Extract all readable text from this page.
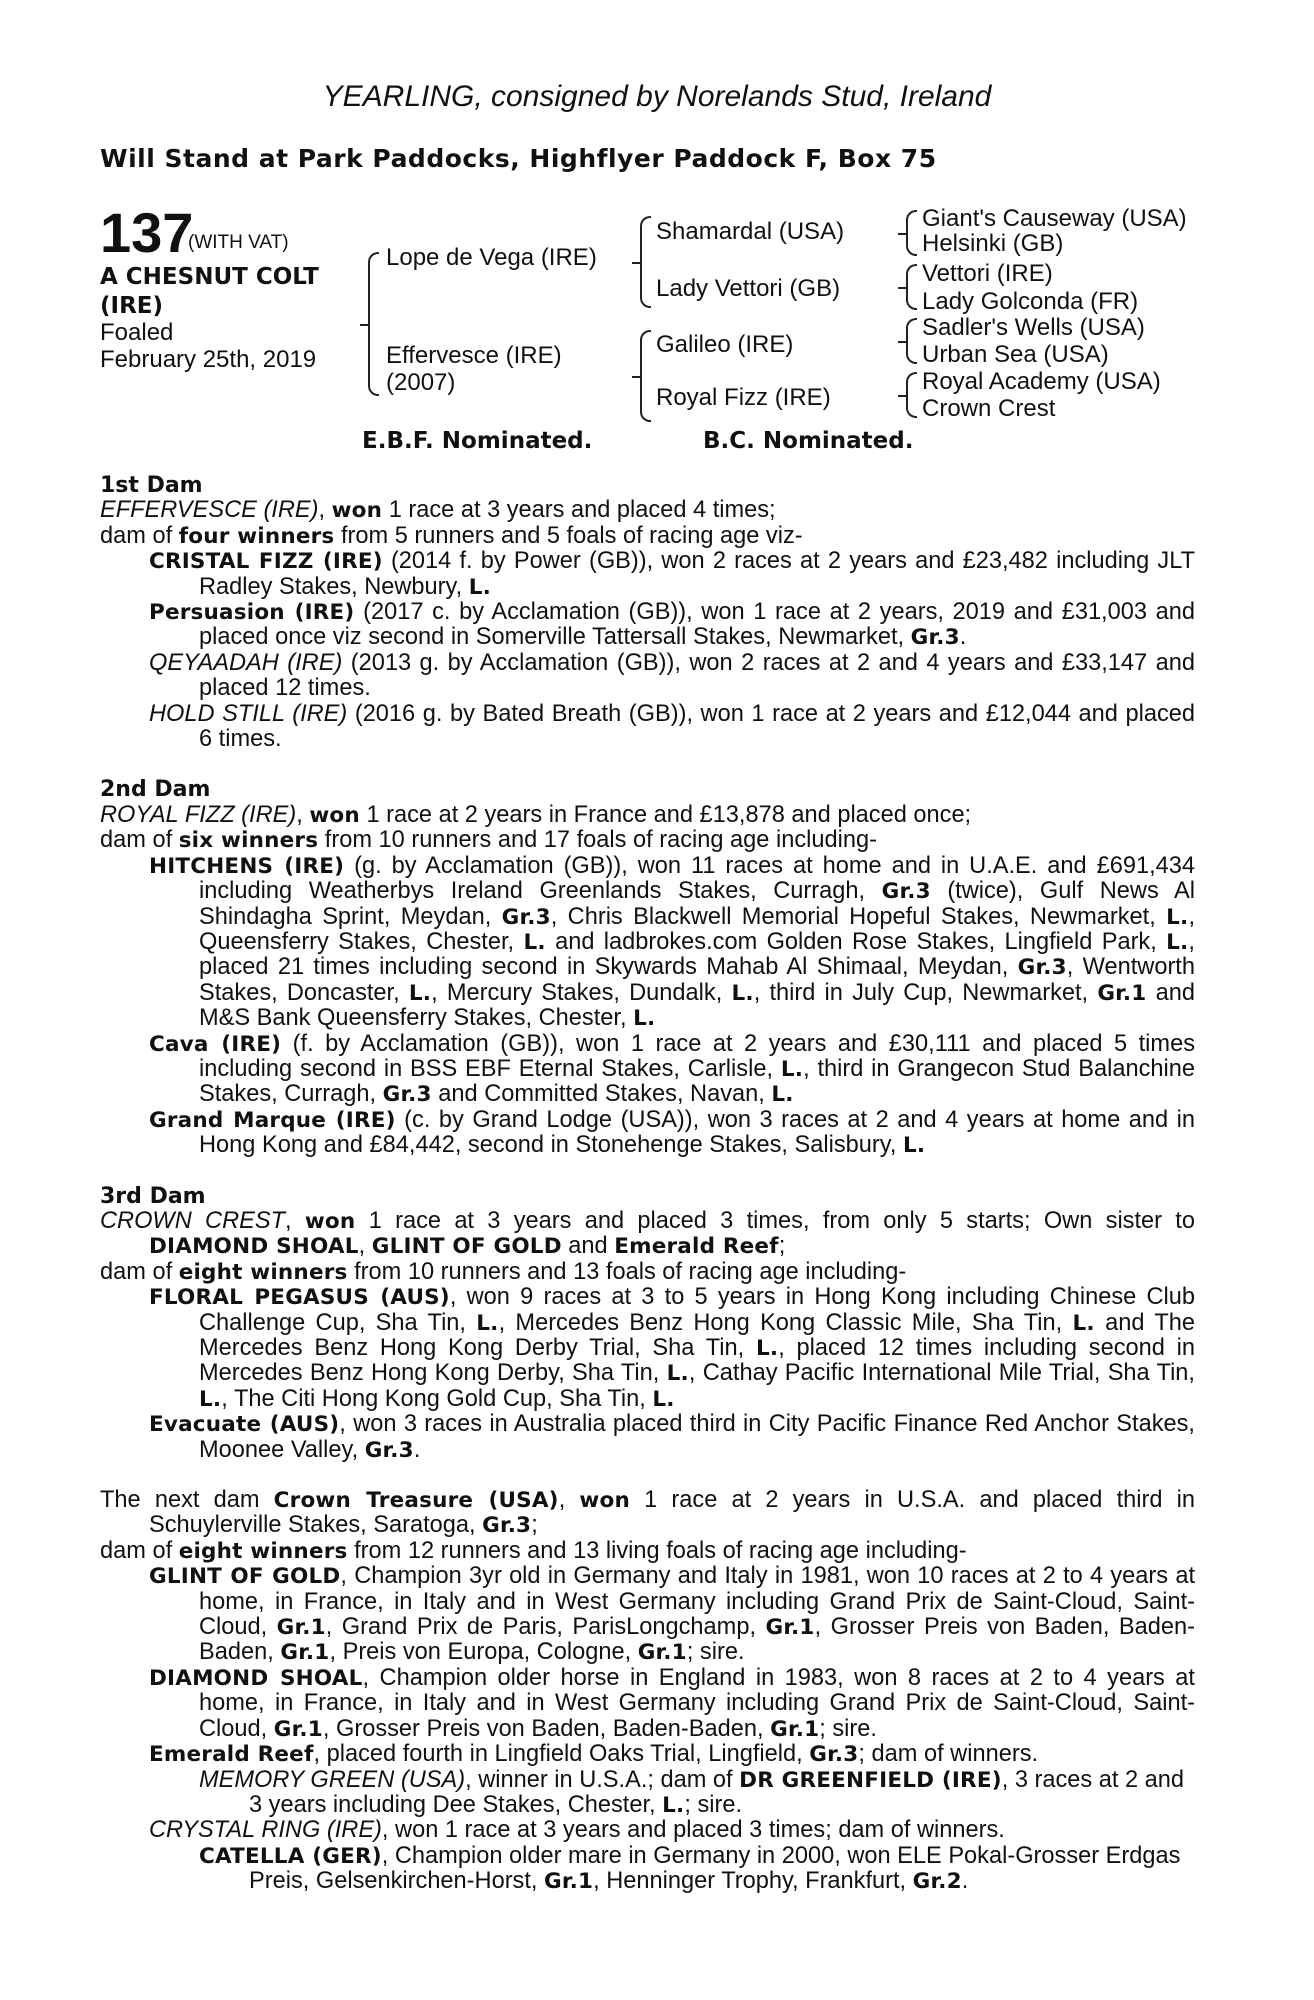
YEARLING, consigned by Norelands Stud, Ireland
Will Stand at Park Paddocks, Highflyer Paddock F, Box 75
137
(WITH VAT)
A CHESNUT COLT (IRE)
Foaled
February 25th, 2019
Lope de Vega (IRE)
Effervesce (IRE)
(2007)
Shamardal (USA)
Lady Vettori (GB)
Galileo (IRE)
Royal Fizz (IRE)
Giant's Causeway (USA)
Helsinki (GB)
Vettori (IRE)
Lady Golconda (FR)
Sadler's Wells (USA)
Urban Sea (USA)
Royal Academy (USA)
Crown Crest
E.B.F. Nominated.	B.C. Nominated.
1st Dam
EFFERVESCE (IRE), won 1 race at 3 years and placed 4 times;
dam of four winners from 5 runners and 5 foals of racing age viz-
CRISTAL FIZZ (IRE) (2014 f. by Power (GB)), won 2 races at 2 years and £23,482 including JLT Radley Stakes, Newbury, L.
Persuasion (IRE) (2017 c. by Acclamation (GB)), won 1 race at 2 years, 2019 and £31,003 and placed once viz second in Somerville Tattersall Stakes, Newmarket, Gr.3.
QEYAADAH (IRE) (2013 g. by Acclamation (GB)), won 2 races at 2 and 4 years and £33,147 and placed 12 times.
HOLD STILL (IRE) (2016 g. by Bated Breath (GB)), won 1 race at 2 years and £12,044 and placed 6 times.
2nd Dam
ROYAL FIZZ (IRE), won 1 race at 2 years in France and £13,878 and placed once;
dam of six winners from 10 runners and 17 foals of racing age including-
HITCHENS (IRE) (g. by Acclamation (GB)), won 11 races at home and in U.A.E. and £691,434 including Weatherbys Ireland Greenlands Stakes, Curragh, Gr.3 (twice), Gulf News Al Shindagha Sprint, Meydan, Gr.3, Chris Blackwell Memorial Hopeful Stakes, Newmarket, L., Queensferry Stakes, Chester, L. and ladbrokes.com Golden Rose Stakes, Lingfield Park, L., placed 21 times including second in Skywards Mahab Al Shimaal, Meydan, Gr.3, Wentworth Stakes, Doncaster, L., Mercury Stakes, Dundalk, L., third in July Cup, Newmarket, Gr.1 and M&S Bank Queensferry Stakes, Chester, L.
Cava (IRE) (f. by Acclamation (GB)), won 1 race at 2 years and £30,111 and placed 5 times including second in BSS EBF Eternal Stakes, Carlisle, L., third in Grangecon Stud Balanchine Stakes, Curragh, Gr.3 and Committed Stakes, Navan, L.
Grand Marque (IRE) (c. by Grand Lodge (USA)), won 3 races at 2 and 4 years at home and in Hong Kong and £84,442, second in Stonehenge Stakes, Salisbury, L.
3rd Dam
CROWN CREST, won 1 race at 3 years and placed 3 times, from only 5 starts; Own sister to DIAMOND SHOAL, GLINT OF GOLD and Emerald Reef;
dam of eight winners from 10 runners and 13 foals of racing age including-
FLORAL PEGASUS (AUS), won 9 races at 3 to 5 years in Hong Kong including Chinese Club Challenge Cup, Sha Tin, L., Mercedes Benz Hong Kong Classic Mile, Sha Tin, L. and The Mercedes Benz Hong Kong Derby Trial, Sha Tin, L., placed 12 times including second in Mercedes Benz Hong Kong Derby, Sha Tin, L., Cathay Pacific International Mile Trial, Sha Tin, L., The Citi Hong Kong Gold Cup, Sha Tin, L.
Evacuate (AUS), won 3 races in Australia placed third in City Pacific Finance Red Anchor Stakes, Moonee Valley, Gr.3.
The next dam Crown Treasure (USA), won 1 race at 2 years in U.S.A. and placed third in Schuylerville Stakes, Saratoga, Gr.3;
dam of eight winners from 12 runners and 13 living foals of racing age including-
GLINT OF GOLD, Champion 3yr old in Germany and Italy in 1981, won 10 races at 2 to 4 years at home, in France, in Italy and in West Germany including Grand Prix de Saint-Cloud, Saint-Cloud, Gr.1, Grand Prix de Paris, ParisLongchamp, Gr.1, Grosser Preis von Baden, Baden-Baden, Gr.1, Preis von Europa, Cologne, Gr.1; sire.
DIAMOND SHOAL, Champion older horse in England in 1983, won 8 races at 2 to 4 years at home, in France, in Italy and in West Germany including Grand Prix de Saint-Cloud, Saint-Cloud, Gr.1, Grosser Preis von Baden, Baden-Baden, Gr.1; sire.
Emerald Reef, placed fourth in Lingfield Oaks Trial, Lingfield, Gr.3; dam of winners.
MEMORY GREEN (USA), winner in U.S.A.; dam of DR GREENFIELD (IRE), 3 races at 2 and 3 years including Dee Stakes, Chester, L.; sire.
CRYSTAL RING (IRE), won 1 race at 3 years and placed 3 times; dam of winners.
CATELLA (GER), Champion older mare in Germany in 2000, won ELE Pokal-Grosser Erdgas Preis, Gelsenkirchen-Horst, Gr.1, Henninger Trophy, Frankfurt, Gr.2.
